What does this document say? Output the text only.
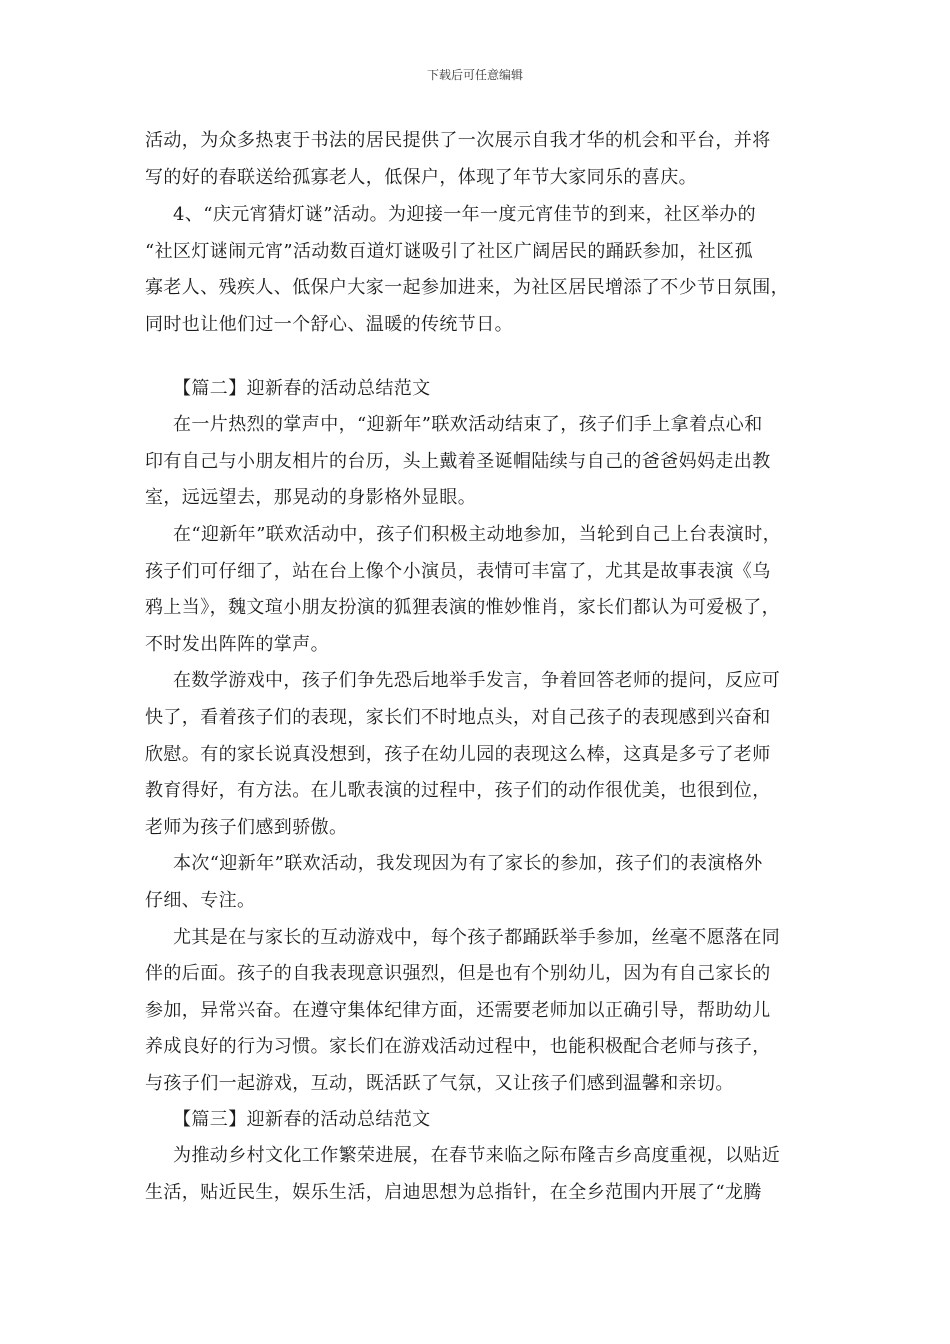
下载后可任意编辑
活动，为众多热衷于书法的居民提供了一次展示自我才华的机会和平台，并将
写的好的春联送给孤寡老人，低保户，体现了年节大家同乐的喜庆。
4、“庆元宵猜灯谜”活动。为迎接一年一度元宵佳节的到来，社区举办的
“社区灯谜闹元宵”活动数百道灯谜吸引了社区广阔居民的踊跃参加，社区孤
寡老人、残疾人、低保户大家一起参加进来，为社区居民增添了不少节日氛围，
同时也让他们过一个舒心、温暖的传统节日。
【篇二】迎新春的活动总结范文
在一片热烈的掌声中，“迎新年”联欢活动结束了，孩子们手上拿着点心和
印有自己与小朋友相片的台历，头上戴着圣诞帽陆续与自己的爸爸妈妈走出教
室，远远望去，那晃动的身影格外显眼。
在“迎新年”联欢活动中，孩子们积极主动地参加，当轮到自己上台表演时，
孩子们可仔细了，站在台上像个小演员，表情可丰富了，尤其是故事表演《乌
鸦上当》，魏文瑄小朋友扮演的狐狸表演的惟妙惟肖，家长们都认为可爱极了，
不时发出阵阵的掌声。
在数学游戏中，孩子们争先恐后地举手发言，争着回答老师的提问，反应可
快了，看着孩子们的表现，家长们不时地点头，对自己孩子的表现感到兴奋和
欣慰。有的家长说真没想到，孩子在幼儿园的表现这么棒，这真是多亏了老师
教育得好，有方法。在儿歌表演的过程中，孩子们的动作很优美，也很到位，
老师为孩子们感到骄傲。
本次“迎新年”联欢活动，我发现因为有了家长的参加，孩子们的表演格外
仔细、专注。
尤其是在与家长的互动游戏中，每个孩子都踊跃举手参加，丝毫不愿落在同
伴的后面。孩子的自我表现意识强烈，但是也有个别幼儿，因为有自己家长的
参加，异常兴奋。在遵守集体纪律方面，还需要老师加以正确引导，帮助幼儿
养成良好的行为习惯。家长们在游戏活动过程中，也能积极配合老师与孩子，
与孩子们一起游戏，互动，既活跃了气氛，又让孩子们感到温馨和亲切。
【篇三】迎新春的活动总结范文
为推动乡村文化工作繁荣进展，在春节来临之际布隆吉乡高度重视，以贴近
生活，贴近民生，娱乐生活，启迪思想为总指针，在全乡范围内开展了“龙腾
